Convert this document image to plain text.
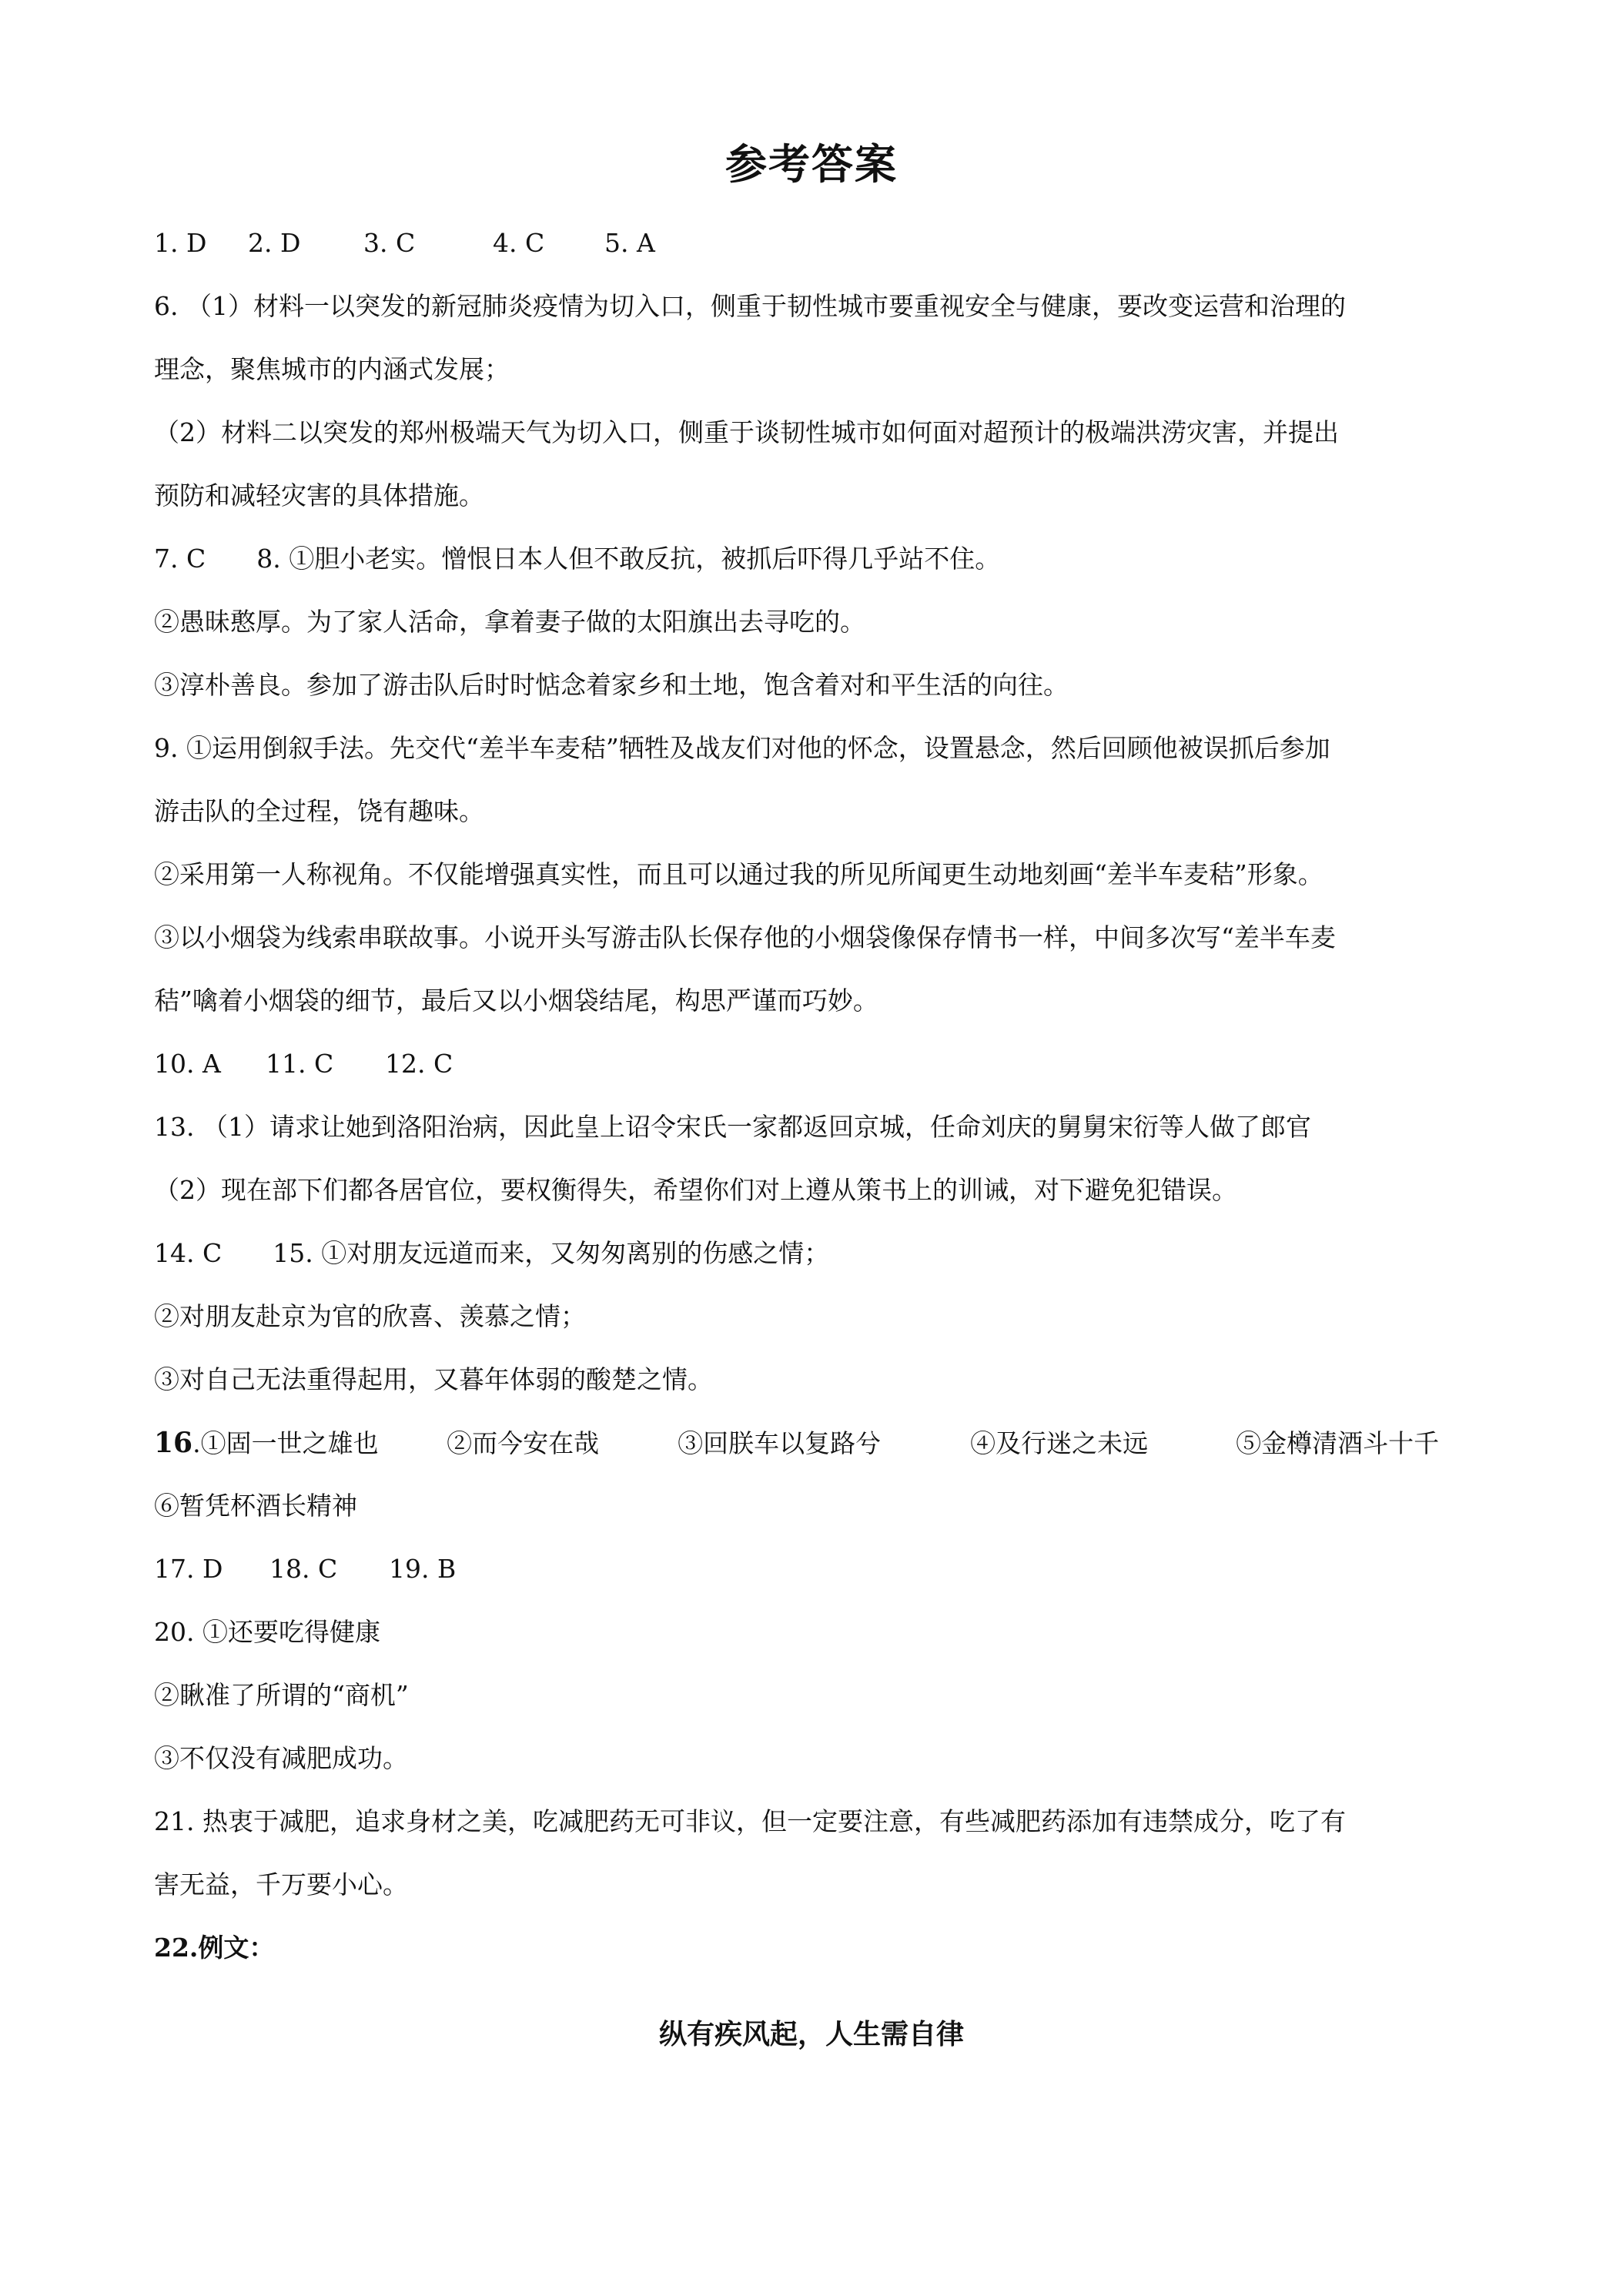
参考答案
1. D 2. D 3. C	4. C 5. A
6. （1）材料一以突发的新冠肺炎疫情为切入口，侧重于韧性城市要重视安全与健康，要改变运营和治理的
理念，聚焦城市的内涵式发展；
（2）材料二以突发的郑州极端天气为切入口，侧重于谈韧性城市如何面对超预计的极端洪涝灾害，并提出
预防和减轻灾害的具体措施。
7. C　　8. ①胆小老实。憎恨日本人但不敢反抗，被抓后吓得几乎站不住。
②愚昧憨厚。为了家人活命，拿着妻子做的太阳旗出去寻吃的。
③淳朴善良。参加了游击队后时时惦念着家乡和土地，饱含着对和平生活的向往。
9. ①运用倒叙手法。先交代“差半车麦秸”牺牲及战友们对他的怀念，设置悬念，然后回顾他被误抓后参加
游击队的全过程，饶有趣味。
②采用第一人称视角。不仅能增强真实性，而且可以通过我的所见所闻更生动地刻画“差半车麦秸”形象。
③以小烟袋为线索串联故事。小说开头写游击队长保存他的小烟袋像保存情书一样，中间多次写“差半车麦
秸”噙着小烟袋的细节，最后又以小烟袋结尾，构思严谨而巧妙。
10. A 11. C 12. C
13. （1）请求让她到洛阳治病，因此皇上诏令宋氏一家都返回京城，任命刘庆的舅舅宋衍等人做了郎官
（2）现在部下们都各居官位，要权衡得失，希望你们对上遵从策书上的训诫，对下避免犯错误。
14. C　　15. ①对朋友远道而来，又匆匆离别的伤感之情；
②对朋友赴京为官的欣喜、羡慕之情；
③对自己无法重得起用，又暮年体弱的酸楚之情。
16.①固一世之雄也	②而今安在哉	③回朕车以复路兮	④及行迷之未远	⑤金樽清酒斗十千
⑥暂凭杯酒长精神
17. D 18. C 19. B
20. ①还要吃得健康
②瞅准了所谓的“商机”
③不仅没有减肥成功。
21. 热衷于减肥，追求身材之美，吃减肥药无可非议，但一定要注意，有些减肥药添加有违禁成分，吃了有
害无益，千万要小心。
22.例文：
纵有疾风起，人生需自律
